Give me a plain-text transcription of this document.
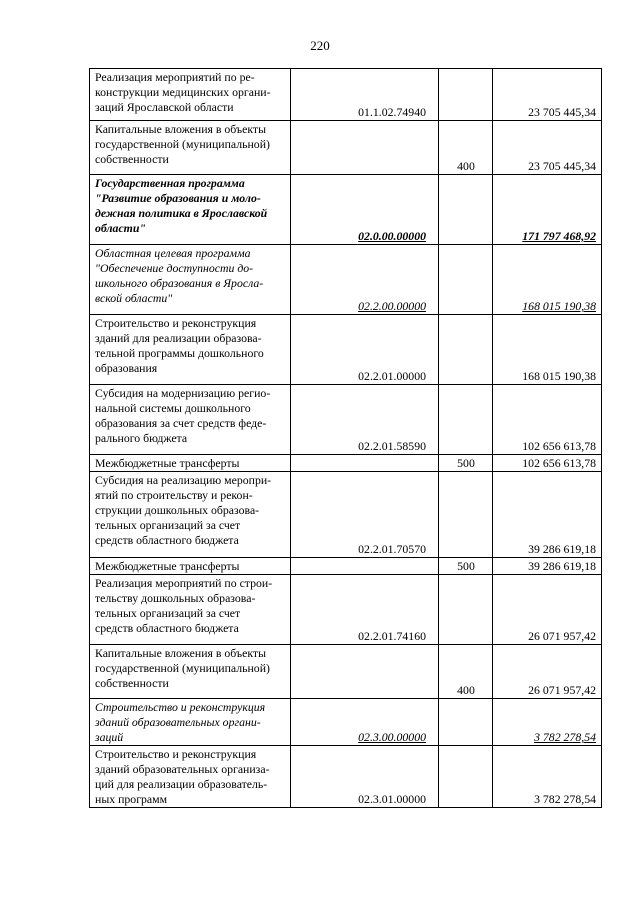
220
Реализация мероприятий по ре-
конструкции медицинских органи-
заций Ярославской области	01.1.02.74940		23 705 445,34

Капитальные вложения в объекты
государственной (муниципальной)
собственности		400	23 705 445,34

Государственная программа
"Развитие образования и моло-
дежная политика в Ярославской
области"	02.0.00.00000		171 797 468,92

Областная целевая программа
"Обеспечение доступности до-
школьного образования в Яросла-
вской области"	02.2.00.00000		168 015 190,38

Строительство и реконструкция
зданий для реализации образова-
тельной программы дошкольного
образования	02.2.01.00000		168 015 190,38

Субсидия на модернизацию регио-
нальной системы дошкольного
образования за счет средств феде-
рального бюджета	02.2.01.58590		102 656 613,78

Межбюджетные трансферты		500	102 656 613,78

Субсидия на реализацию меропри-
ятий по строительству и рекон-
струкции дошкольных образова-
тельных организаций за счет
средств областного бюджета	02.2.01.70570		39 286 619,18

Межбюджетные трансферты		500	39 286 619,18

Реализация мероприятий по строи-
тельству дошкольных образова-
тельных организаций за счет
средств областного бюджета	02.2.01.74160		26 071 957,42

Капитальные вложения в объекты
государственной (муниципальной)
собственности		400	26 071 957,42

Строительство и реконструкция
зданий образовательных органи-
заций	02.3.00.00000		3 782 278,54

Строительство и реконструкция
зданий образовательных организа-
ций для реализации образователь-
ных программ	02.3.01.00000		3 782 278,54
